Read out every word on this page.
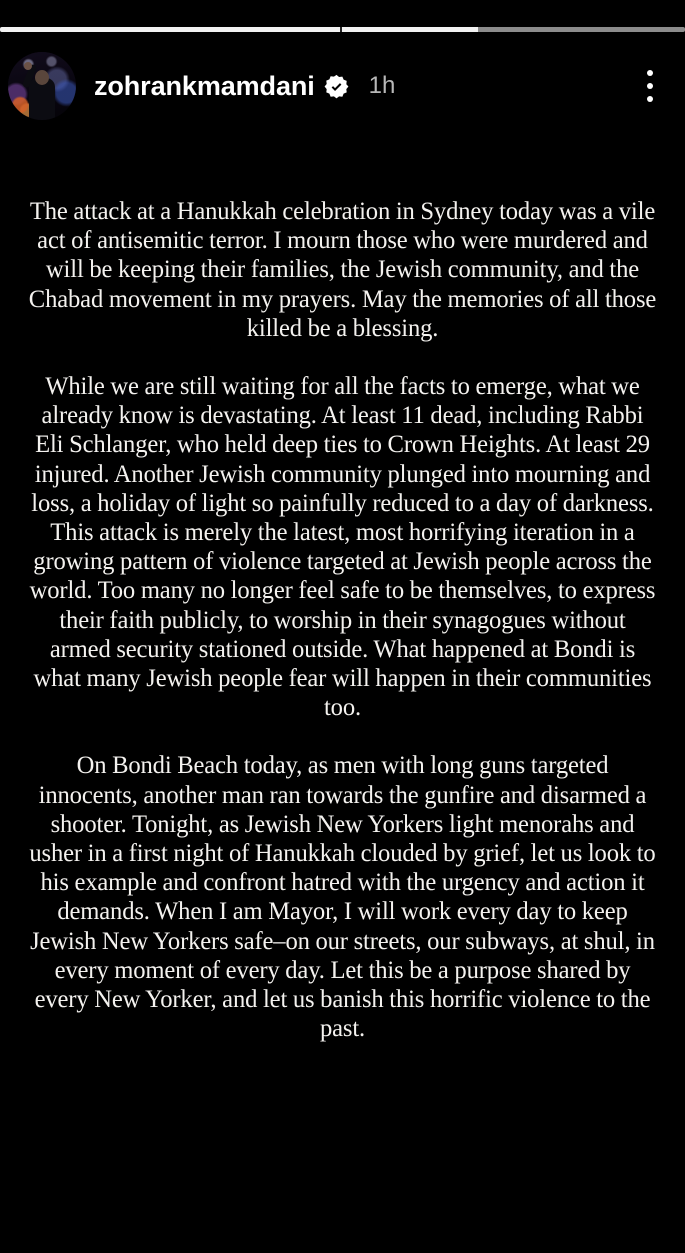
zohrankmamdani 1h

The attack at a Hanukkah celebration in Sydney today was a vile act of antisemitic terror. I mourn those who were murdered and will be keeping their families, the Jewish community, and the Chabad movement in my prayers. May the memories of all those killed be a blessing.

While we are still waiting for all the facts to emerge, what we already know is devastating. At least 11 dead, including Rabbi Eli Schlanger, who held deep ties to Crown Heights. At least 29 injured. Another Jewish community plunged into mourning and loss, a holiday of light so painfully reduced to a day of darkness. This attack is merely the latest, most horrifying iteration in a growing pattern of violence targeted at Jewish people across the world. Too many no longer feel safe to be themselves, to express their faith publicly, to worship in their synagogues without armed security stationed outside. What happened at Bondi is what many Jewish people fear will happen in their communities too.

On Bondi Beach today, as men with long guns targeted innocents, another man ran towards the gunfire and disarmed a shooter. Tonight, as Jewish New Yorkers light menorahs and usher in a first night of Hanukkah clouded by grief, let us look to his example and confront hatred with the urgency and action it demands. When I am Mayor, I will work every day to keep Jewish New Yorkers safe–on our streets, our subways, at shul, in every moment of every day. Let this be a purpose shared by every New Yorker, and let us banish this horrific violence to the past.
